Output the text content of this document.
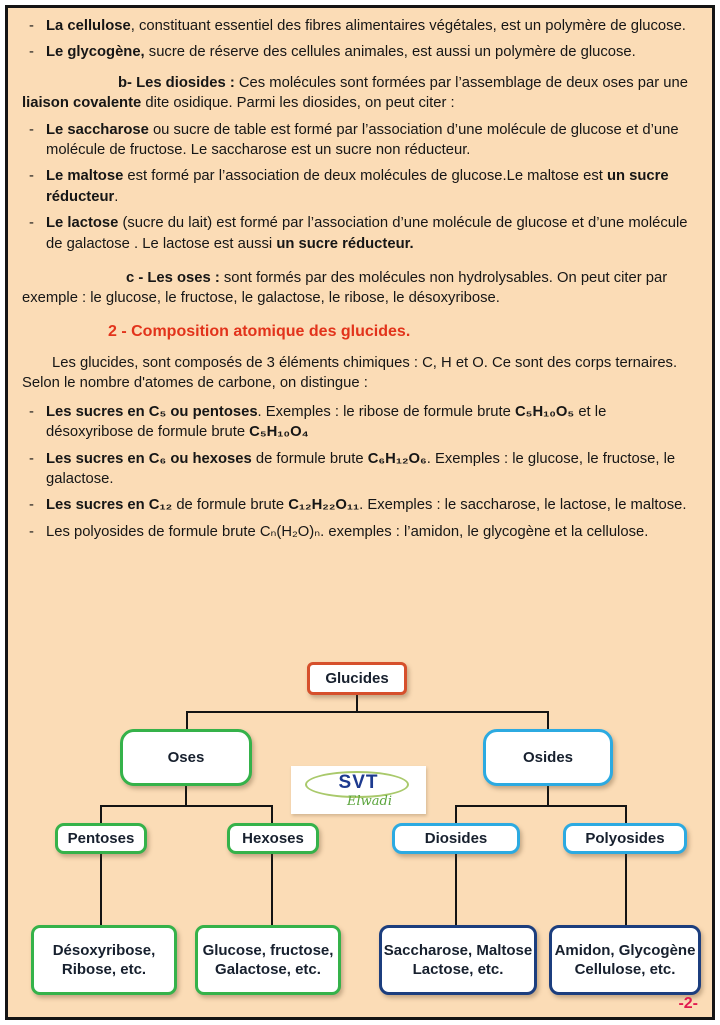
- La cellulose, constituant essentiel des fibres alimentaires végétales, est un polymère de glucose.
- Le glycogène, sucre de réserve des cellules animales, est aussi un polymère de glucose.

b- Les diosides : Ces molécules sont formées par l’assemblage de deux oses par une liaison covalente dite osidique. Parmi les diosides, on peut citer :

- Le saccharose ou sucre de table est formé par l’association d’une molécule de glucose et d’une molécule de fructose. Le saccharose est un sucre non réducteur.
- Le maltose est formé par l’association de deux molécules de glucose.Le maltose est un sucre réducteur.
- Le lactose (sucre du lait) est formé par l’association d’une molécule de glucose et d’une molécule de galactose . Le lactose est aussi un sucre réducteur.

c - Les oses : sont formés par des molécules non hydrolysables. On peut citer par exemple : le glucose, le fructose, le galactose, le ribose, le désoxyribose.

2 - Composition atomique des glucides.

Les glucides, sont composés de 3 éléments chimiques : C, H et O. Ce sont des corps ternaires. Selon le nombre d'atomes de carbone, on distingue :

- Les sucres en C₅ ou pentoses. Exemples : le ribose de formule brute C₅H₁₀O₅ et le désoxyribose de formule brute C₅H₁₀O₄
- Les sucres en C₆ ou hexoses de formule brute C₆H₁₂O₆. Exemples : le glucose, le fructose, le galactose.
- Les sucres en C₁₂ de formule brute C₁₂H₂₂O₁₁. Exemples : le saccharose, le lactose, le maltose.
- Les polyosides de formule brute Cₙ(H₂O)ₙ. exemples : l’amidon, le glycogène et la cellulose.
Glucides
Oses	Osides
Pentoses	Hexoses	Diosides	Polyosides
Désoxyribose,
Ribose, etc.
Glucose, fructose,
Galactose, etc.
Saccharose, Maltose
Lactose, etc.
Amidon, Glycogène
Cellulose, etc.
SVT
Elwadi
-2-
